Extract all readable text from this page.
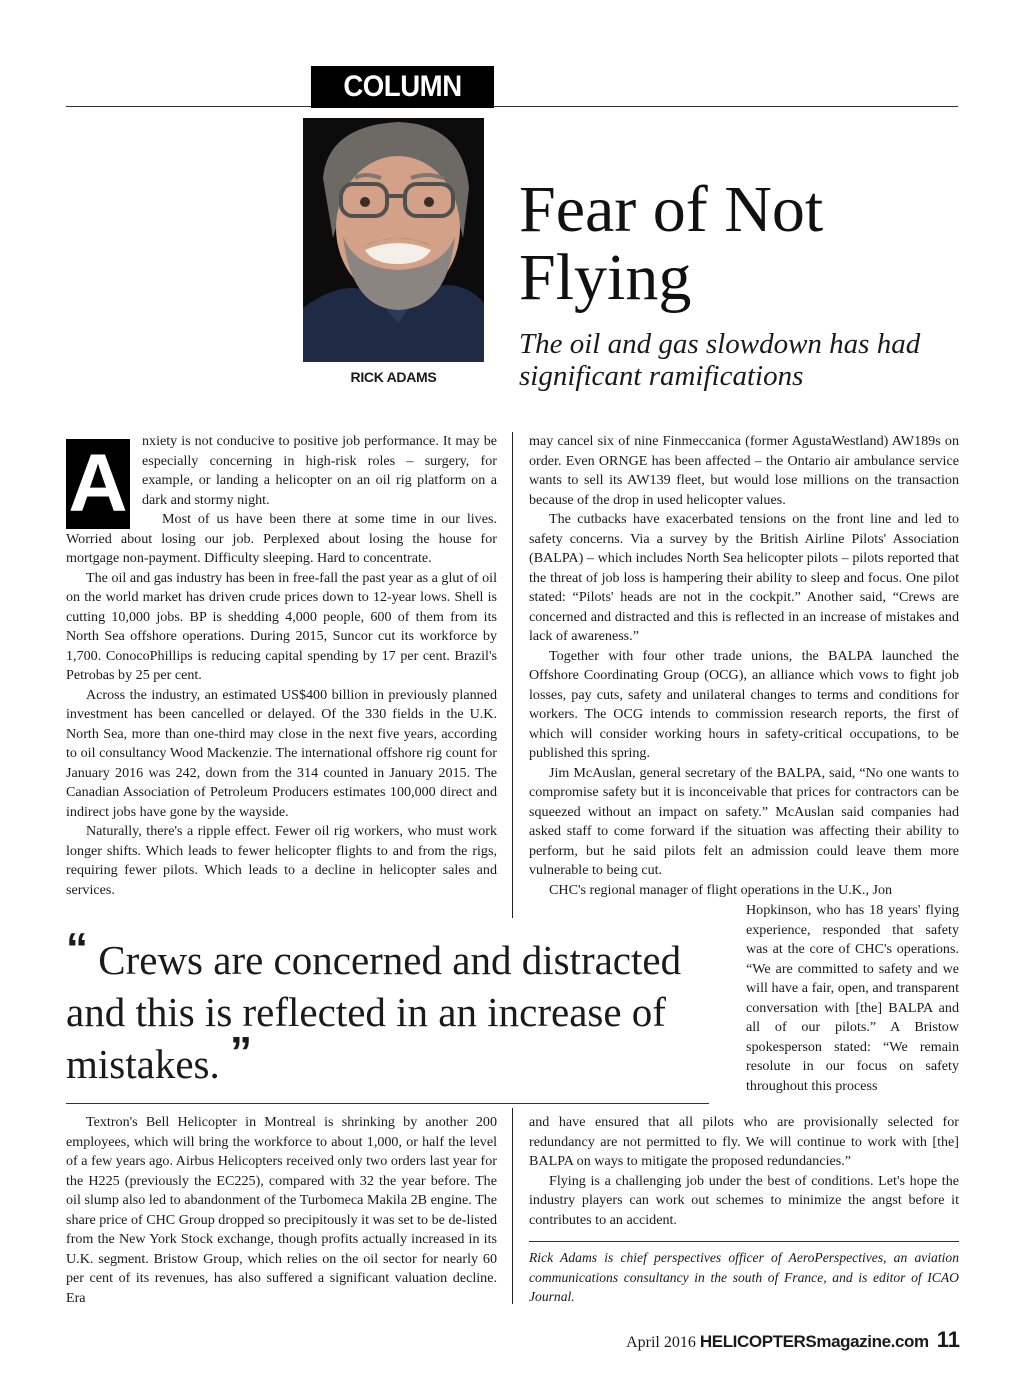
COLUMN
RICK ADAMS
Fear of Not Flying
The oil and gas slowdown has had significant ramifications
A	nxiety is not conducive to positive job performance. It may be especially concerning in high-risk roles – surgery, for example, or landing a helicopter on an oil rig platform on a dark and stormy night.

Most of us have been there at some time in our lives. Worried about losing our job. Perplexed about losing the house for mortgage non-payment. Difficulty sleeping. Hard to concentrate.

The oil and gas industry has been in free-fall the past year as a glut of oil on the world market has driven crude prices down to 12-year lows. Shell is cutting 10,000 jobs. BP is shedding 4,000 people, 600 of them from its North Sea offshore operations. During 2015, Suncor cut its workforce by 1,700. ConocoPhillips is reducing capital spending by 17 per cent. Brazil's Petrobas by 25 per cent.

Across the industry, an estimated US$400 billion in previously planned investment has been cancelled or delayed. Of the 330 fields in the U.K. North Sea, more than one-third may close in the next five years, according to oil consultancy Wood Mackenzie. The international offshore rig count for January 2016 was 242, down from the 314 counted in January 2015. The Canadian Association of Petroleum Producers estimates 100,000 direct and indirect jobs have gone by the wayside.

Naturally, there's a ripple effect. Fewer oil rig workers, who must work longer shifts. Which leads to fewer helicopter flights to and from the rigs, requiring fewer pilots. Which leads to a decline in helicopter sales and services.

may cancel six of nine Finmeccanica (former AgustaWestland) AW189s on order. Even ORNGE has been affected – the Ontario air ambulance service wants to sell its AW139 fleet, but would lose millions on the transaction because of the drop in used helicopter values.

The cutbacks have exacerbated tensions on the front line and led to safety concerns. Via a survey by the British Airline Pilots' Association (BALPA) – which includes North Sea helicopter pilots – pilots reported that the threat of job loss is hampering their ability to sleep and focus. One pilot stated: “Pilots' heads are not in the cockpit.” Another said, “Crews are concerned and distracted and this is reflected in an increase of mistakes and lack of awareness.”

Together with four other trade unions, the BALPA launched the Offshore Coordinating Group (OCG), an alliance which vows to fight job losses, pay cuts, safety and unilateral changes to terms and conditions for workers. The OCG intends to commission research reports, the first of which will consider working hours in safety-critical occupations, to be published this spring.

Jim McAuslan, general secretary of the BALPA, said, “No one wants to compromise safety but it is inconceivable that prices for contractors can be squeezed without an impact on safety.” McAuslan said companies had asked staff to come forward if the situation was affecting their ability to perform, but he said pilots felt an admission could leave them more vulnerable to being cut.

CHC's regional manager of flight operations in the U.K., Jon

Hopkinson, who has 18 years' flying experience, responded that safety was at the core of CHC's operations. “We are committed to safety and we will have a fair, open, and transparent conversation with [the] BALPA and all of our pilots.” A Bristow spokesperson stated: “We remain resolute in our focus on safety throughout this process

“ Crews are concerned and distracted and this is reflected in an increase of mistakes. ”

Textron's Bell Helicopter in Montreal is shrinking by another 200 employees, which will bring the workforce to about 1,000, or half the level of a few years ago. Airbus Helicopters received only two orders last year for the H225 (previously the EC225), compared with 32 the year before. The oil slump also led to abandonment of the Turbomeca Makila 2B engine. The share price of CHC Group dropped so precipitously it was set to be de-listed from the New York Stock exchange, though profits actually increased in its U.K. segment. Bristow Group, which relies on the oil sector for nearly 60 per cent of its revenues, has also suffered a significant valuation decline. Era

and have ensured that all pilots who are provisionally selected for redundancy are not permitted to fly. We will continue to work with [the] BALPA on ways to mitigate the proposed redundancies.”

Flying is a challenging job under the best of conditions. Let's hope the industry players can work out schemes to minimize the angst before it contributes to an accident.

Rick Adams is chief perspectives officer of AeroPerspectives, an aviation communications consultancy in the south of France, and is editor of ICAO Journal.
April 2016 HELICOPTERSmagazine.com 11
